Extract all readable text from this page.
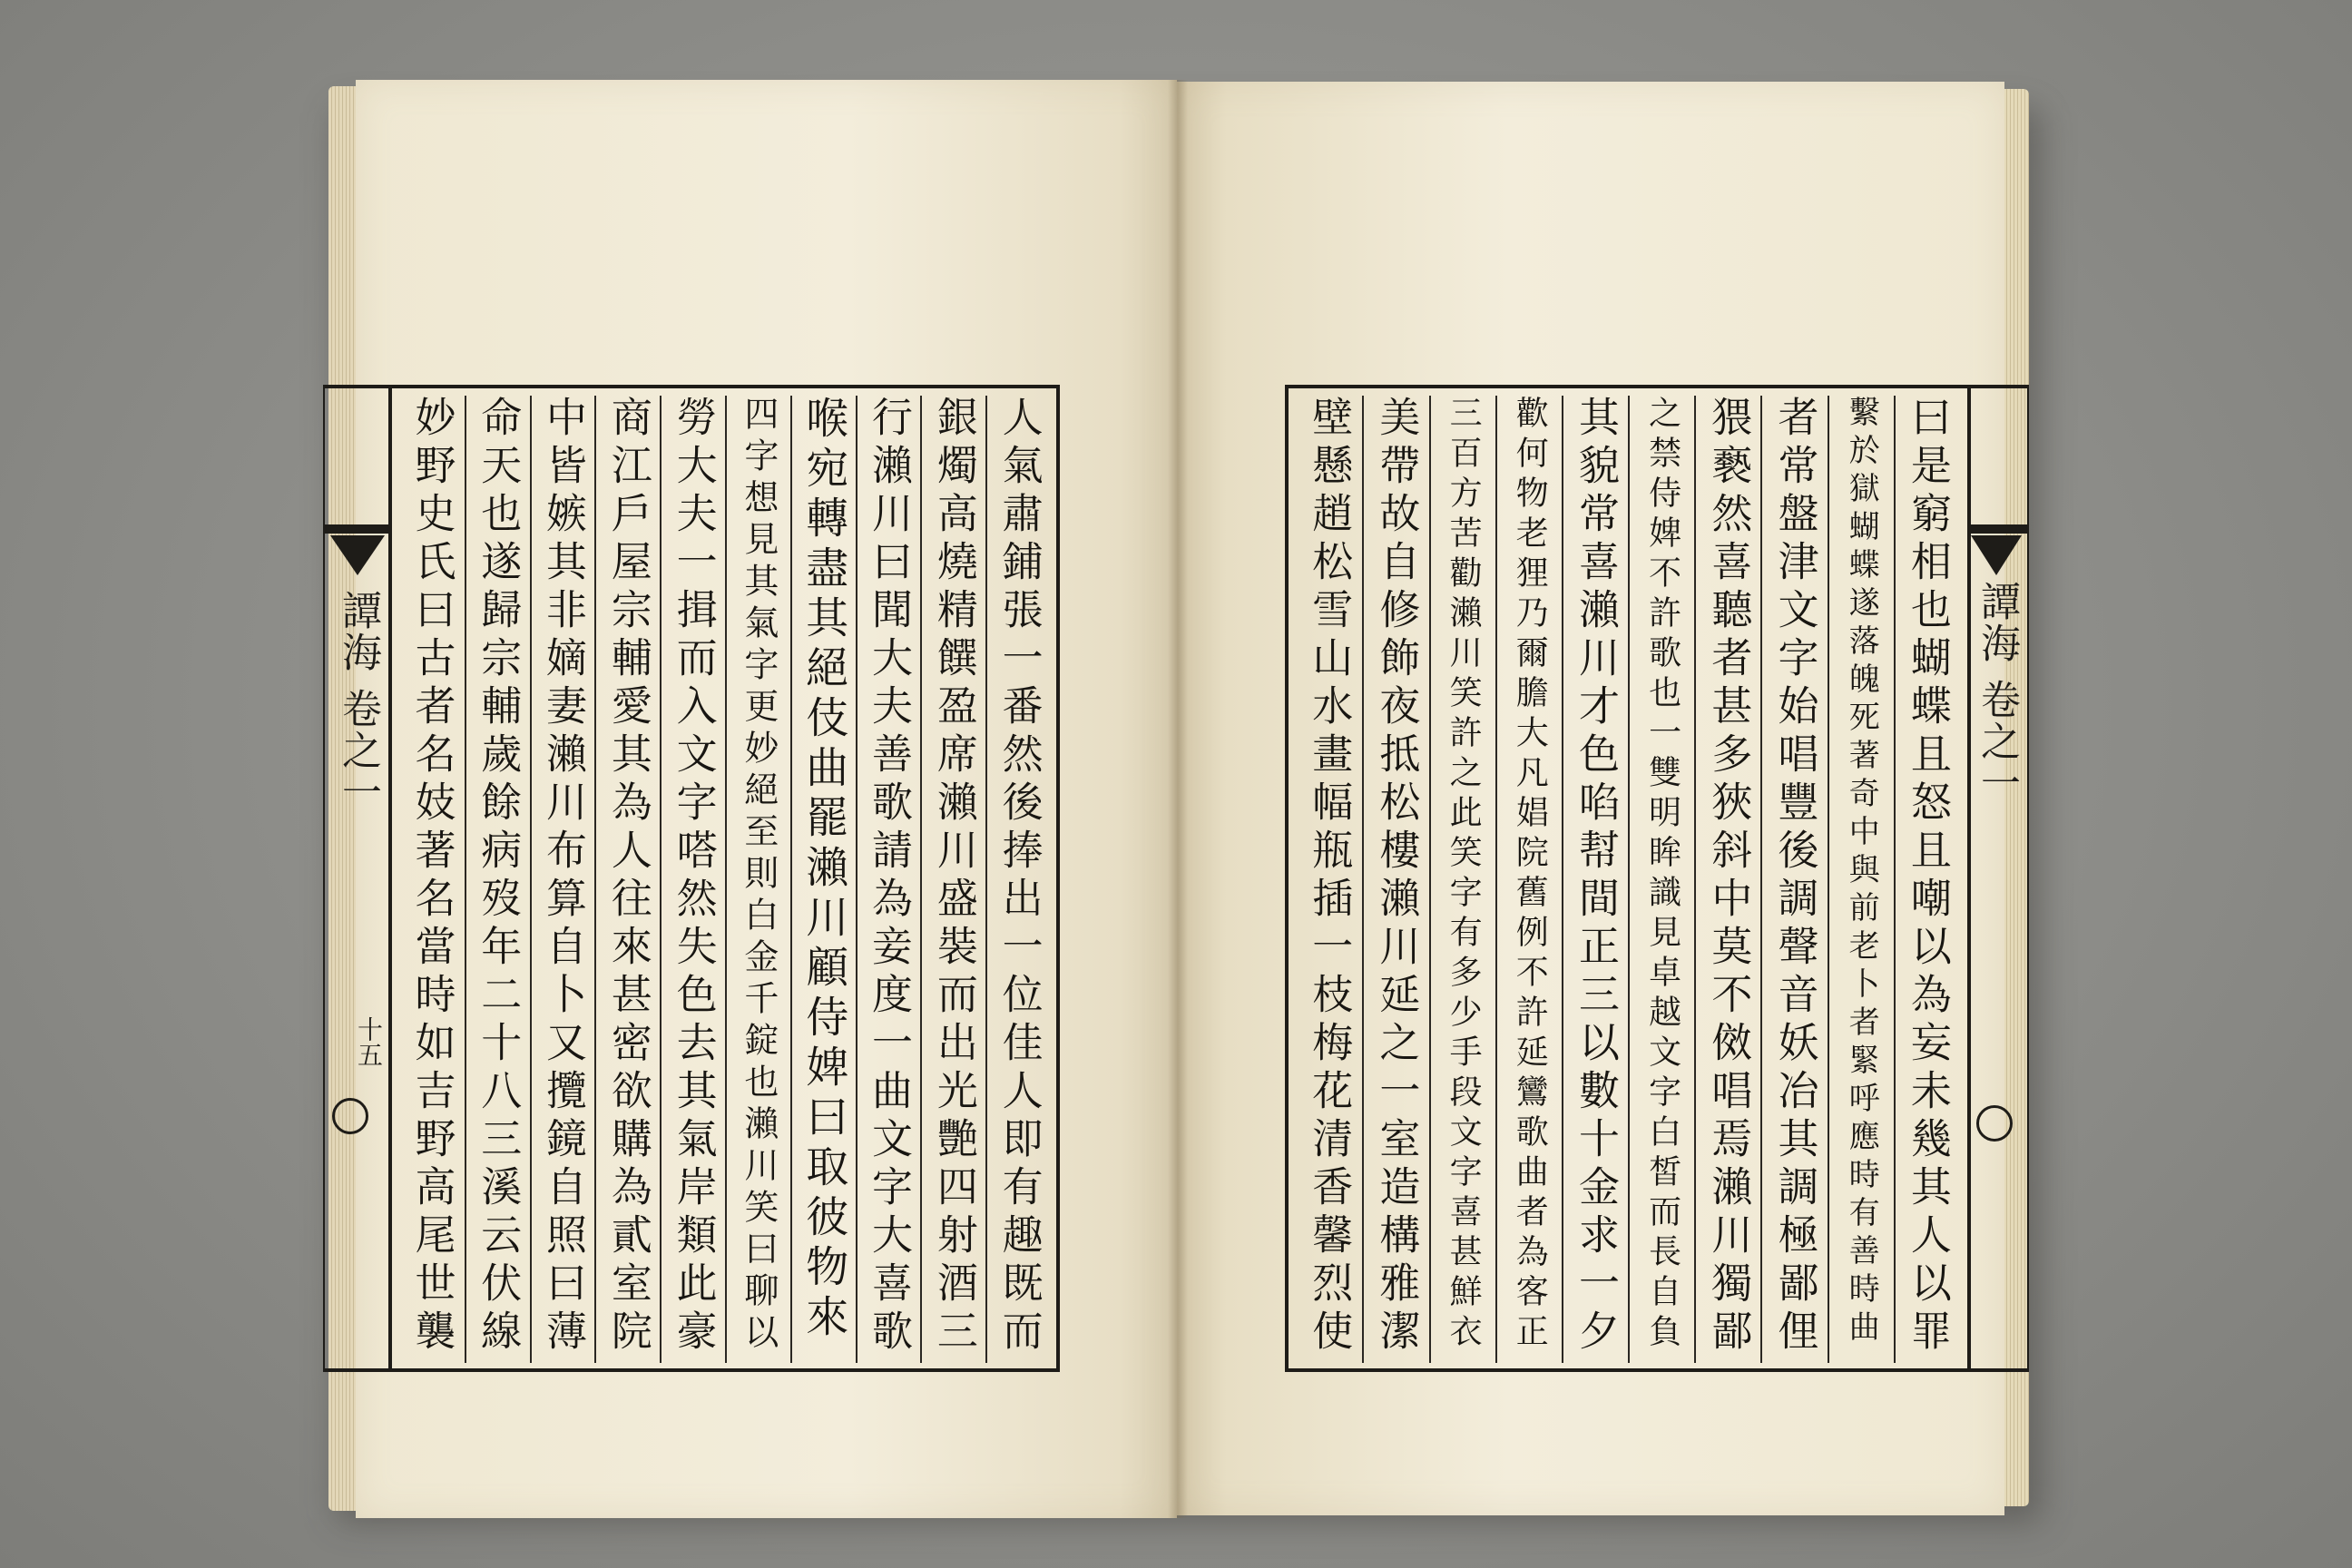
譚海 卷之一
十五	人氣肅鋪張一番然後捧出一位佳人即有趣既而
銀燭高燒精饌盈席瀨川盛裝而出光艷四射酒三
行瀨川曰聞大夫善歌請為妾度一曲文字大喜歌
喉宛轉盡其絕伎曲罷瀨川顧侍婢曰取彼物來
四字想見其氣字更妙絕至則白金千錠也瀨川笑曰聊以
勞大夫一揖而入文字嗒然失色去其氣岸類此豪
商江戶屋宗輔愛其為人往來甚密欲購為貳室院
中皆嫉其非嫡妻瀨川布算自卜又攬鏡自照曰薄
命天也遂歸宗輔歲餘病歿年二十八三溪云伏線
妙野史氏曰古者名妓著名當時如吉野高尾世襲	譚海 卷之一
曰是窮相也蝴蝶且怒且嘲以為妄未幾其人以罪
繫於獄蝴蝶遂落魄死著奇中與前老卜者緊呼應時有善時曲
者常盤津文字始唱豐後調聲音妖冶其調極鄙俚
猥褻然喜聽者甚多狹斜中莫不傚唱焉瀨川獨鄙
之禁侍婢不許歌也一雙明眸識見卓越文字白皙而長自負
其貌常喜瀨川才色啗幇間正三以數十金求一夕
歡何物老狸乃爾膽大凡娼院舊例不許延鸞歌曲者為客正
三百方苦勸瀨川笑許之此笑字有多少手段文字喜甚鮮衣
美帶故自修飾夜抵松樓瀨川延之一室造構雅潔
壁懸趙松雪山水畫幅瓶插一枝梅花清香馨烈使
